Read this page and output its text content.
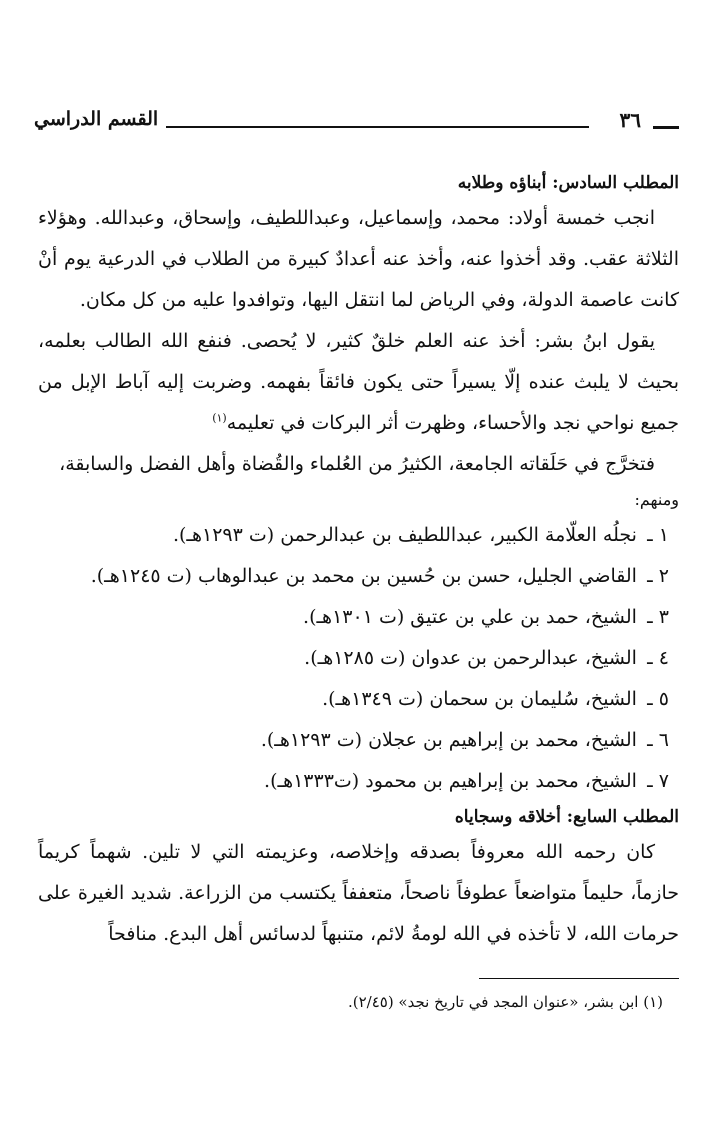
٣٦
القسم الدراسي

المطلب السادس: أبناؤه وطلابه

انجب خمسة أولاد: محمد، وإسماعيل، وعبداللطيف، وإسحاق، وعبدالله. وهؤلاء الثلاثة عقب. وقد أخذوا عنه، وأخذ عنه أعدادٌ كبيرة من الطلاب في الدرعية يوم أنْ كانت عاصمة الدولة، وفي الرياض لما انتقل اليها، وتوافدوا عليه من كل مكان.

يقول ابنُ بشر: أخذ عنه العلم خلقٌ كثير، لا يُحصى. فنفع الله الطالب بعلمه، بحيث لا يلبث عنده إلّا يسيراً حتى يكون فائقاً بفهمه. وضربت إليه آباط الإبل من جميع نواحي نجد والأحساء، وظهرت أثر البركات في تعليمه$^{(١)}$

فتخرَّج في حَلَقاته الجامعة، الكثيرُ من العُلماء والقُضاة وأهل الفضل والسابقة،

ومنهم:

١ ـ نجلُه العلّامة الكبير، عبداللطيف بن عبدالرحمن (ت ١٢٩٣هـ).
٢ ـ القاضي الجليل، حسن بن حُسين بن محمد بن عبدالوهاب (ت ١٢٤٥هـ).
٣ ـ الشيخ، حمد بن علي بن عتيق (ت ١٣٠١هـ).
٤ ـ الشيخ، عبدالرحمن بن عدوان (ت ١٢٨٥هـ).
٥ ـ الشيخ، سُليمان بن سحمان (ت ١٣٤٩هـ).
٦ ـ الشيخ، محمد بن إبراهيم بن عجلان (ت ١٢٩٣هـ).
٧ ـ الشيخ، محمد بن إبراهيم بن محمود (ت١٣٣٣هـ).

المطلب السابع: أخلاقه وسجاياه

كان رحمه الله معروفاً بصدقه وإخلاصه، وعزيمته التي لا تلين. شهماً كريماً حازماً، حليماً متواضعاً عطوفاً ناصحاً، متعففاً يكتسب من الزراعة. شديد الغيرة على حرمات الله، لا تأخذه في الله لومةُ لائم، متنبهاً لدسائس أهل البدع. منافحاً

(١) ابن بشر، «عنوان المجد في تاريخ نجد» (٢/٤٥).
